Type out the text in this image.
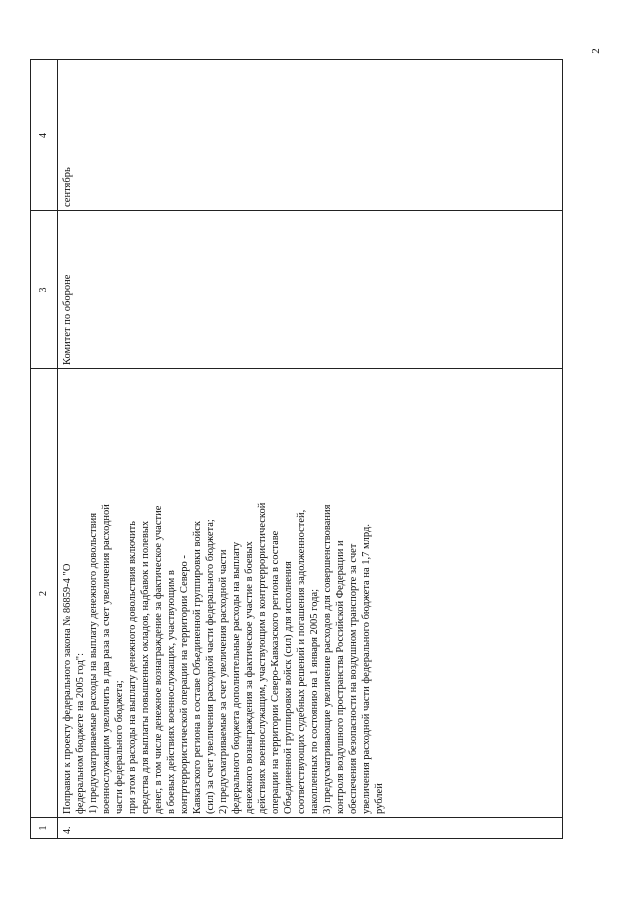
2
1
2
3
4
4.
Поправки к проекту федерального закона № 86859-4 "О федеральном бюджете на 2005 год": 1) предусматриваемые расходы на выплату денежного довольствия военнослужащим увеличить в два раза за счет увеличения расходной части федерального бюджета; при этом в расходы на выплату денежного довольствия включить средства для выплаты повышенных окладов, надбавок и полевых денег, в том числе денежное вознаграждение за фактическое участие в боевых действиях военнослужащих, участвующим в контртеррористической операции на территории Северо - Кавказского региона в составе Объединенной группировки войск (сил) за счет увеличения расходной части федерального бюджета; 2) предусматриваемые за счет увеличения расходной части федерального бюджета дополнительные расходы на выплату денежного вознаграждения за фактическое участие в боевых действиях военнослужащим, участвующим в контртеррористической операции на территории Северо-Кавказского региона в составе Объединенной группировки войск (сил) для исполнения соответствующих судебных решений и погашения задолженностей, накопленных по состоянию на 1 января 2005 года; 3) предусматривающие увеличение расходов для совершенствования контроля воздушного пространства Российской Федерации и обеспечения безопасности на воздушном транспорте за счет увеличения расходной части федерального бюджета на 1,7 млрд. рублей
Комитет по обороне
сентябрь
